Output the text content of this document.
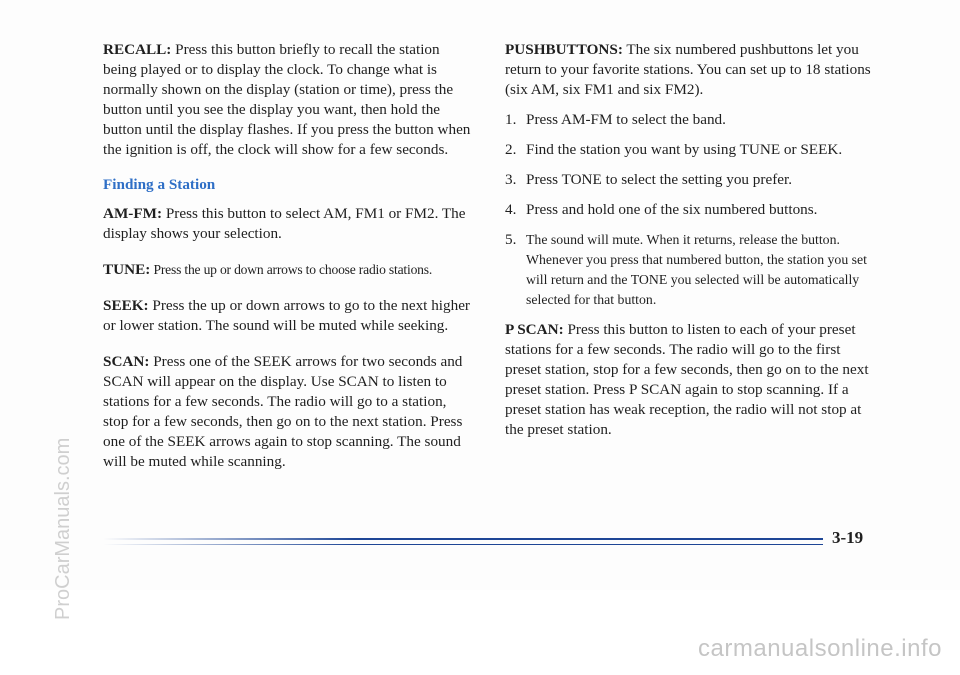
RECALL: Press this button briefly to recall the station being played or to display the clock. To change what is normally shown on the display (station or time), press the button until you see the display you want, then hold the button until the display flashes. If you press the button when the ignition is off, the clock will show for a few seconds.

Finding a Station

AM-FM: Press this button to select AM, FM1 or FM2. The display shows your selection.

TUNE: Press the up or down arrows to choose radio stations.

SEEK: Press the up or down arrows to go to the next higher or lower station. The sound will be muted while seeking.

SCAN: Press one of the SEEK arrows for two seconds and SCAN will appear on the display. Use SCAN to listen to stations for a few seconds. The radio will go to a station, stop for a few seconds, then go on to the next station. Press one of the SEEK arrows again to stop scanning. The sound will be muted while scanning.

PUSHBUTTONS: The six numbered pushbuttons let you return to your favorite stations. You can set up to 18 stations (six AM, six FM1 and six FM2).

1. Press AM-FM to select the band.
2. Find the station you want by using TUNE or SEEK.
3. Press TONE to select the setting you prefer.
4. Press and hold one of the six numbered buttons.
5. The sound will mute. When it returns, release the button. Whenever you press that numbered button, the station you set will return and the TONE you selected will be automatically selected for that button.

P SCAN: Press this button to listen to each of your preset stations for a few seconds. The radio will go to the first preset station, stop for a few seconds, then go on to the next preset station. Press P SCAN again to stop scanning. If a preset station has weak reception, the radio will not stop at the preset station.

3-19
ProCarManuals.com
carmanualsonline.info
